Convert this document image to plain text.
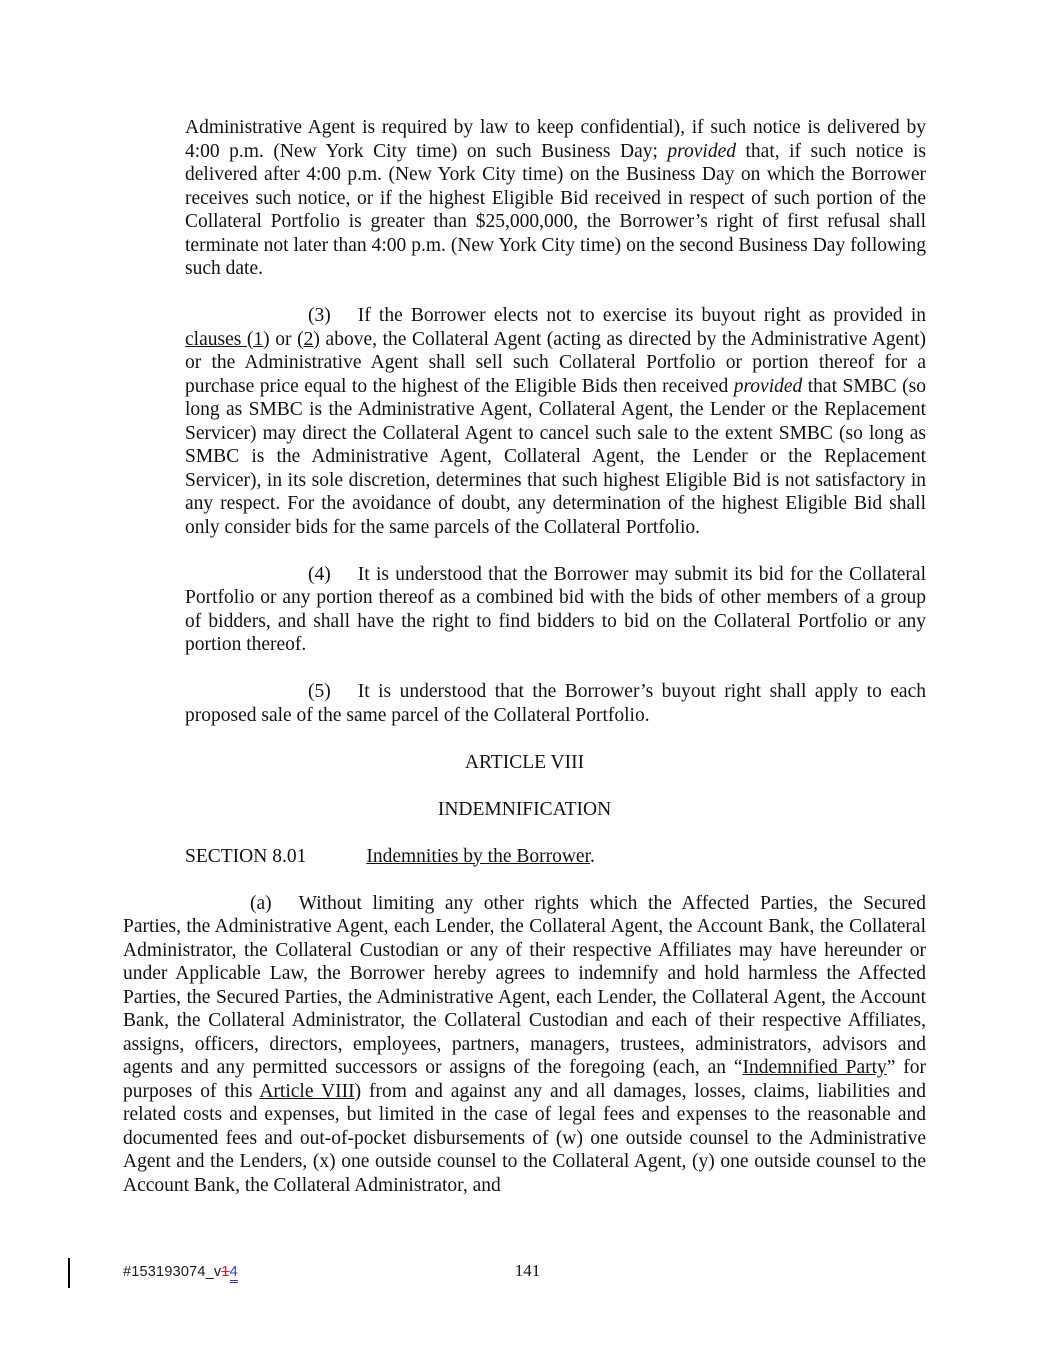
Administrative Agent is required by law to keep confidential), if such notice is delivered by 4:00 p.m. (New York City time) on such Business Day; provided that, if such notice is delivered after 4:00 p.m. (New York City time) on the Business Day on which the Borrower receives such notice, or if the highest Eligible Bid received in respect of such portion of the Collateral Portfolio is greater than $25,000,000, the Borrower’s right of first refusal shall terminate not later than 4:00 p.m. (New York City time) on the second Business Day following such date.

(3) If the Borrower elects not to exercise its buyout right as provided in clauses (1) or (2) above, the Collateral Agent (acting as directed by the Administrative Agent) or the Administrative Agent shall sell such Collateral Portfolio or portion thereof for a purchase price equal to the highest of the Eligible Bids then received provided that SMBC (so long as SMBC is the Administrative Agent, Collateral Agent, the Lender or the Replacement Servicer) may direct the Collateral Agent to cancel such sale to the extent SMBC (so long as SMBC is the Administrative Agent, Collateral Agent, the Lender or the Replacement Servicer), in its sole discretion, determines that such highest Eligible Bid is not satisfactory in any respect. For the avoidance of doubt, any determination of the highest Eligible Bid shall only consider bids for the same parcels of the Collateral Portfolio.

(4) It is understood that the Borrower may submit its bid for the Collateral Portfolio or any portion thereof as a combined bid with the bids of other members of a group of bidders, and shall have the right to find bidders to bid on the Collateral Portfolio or any portion thereof.

(5) It is understood that the Borrower’s buyout right shall apply to each proposed sale of the same parcel of the Collateral Portfolio.

ARTICLE VIII

INDEMNIFICATION

SECTION 8.01	Indemnities by the Borrower.

(a) Without limiting any other rights which the Affected Parties, the Secured Parties, the Administrative Agent, each Lender, the Collateral Agent, the Account Bank, the Collateral Administrator, the Collateral Custodian or any of their respective Affiliates may have hereunder or under Applicable Law, the Borrower hereby agrees to indemnify and hold harmless the Affected Parties, the Secured Parties, the Administrative Agent, each Lender, the Collateral Agent, the Account Bank, the Collateral Administrator, the Collateral Custodian and each of their respective Affiliates, assigns, officers, directors, employees, partners, managers, trustees, administrators, advisors and agents and any permitted successors or assigns of the foregoing (each, an “Indemnified Party” for purposes of this Article VIII) from and against any and all damages, losses, claims, liabilities and related costs and expenses, but limited in the case of legal fees and expenses to the reasonable and documented fees and out-of-pocket disbursements of (w) one outside counsel to the Administrative Agent and the Lenders, (x) one outside counsel to the Collateral Agent, (y) one outside counsel to the Account Bank, the Collateral Administrator, and

#153193074_v14	141
